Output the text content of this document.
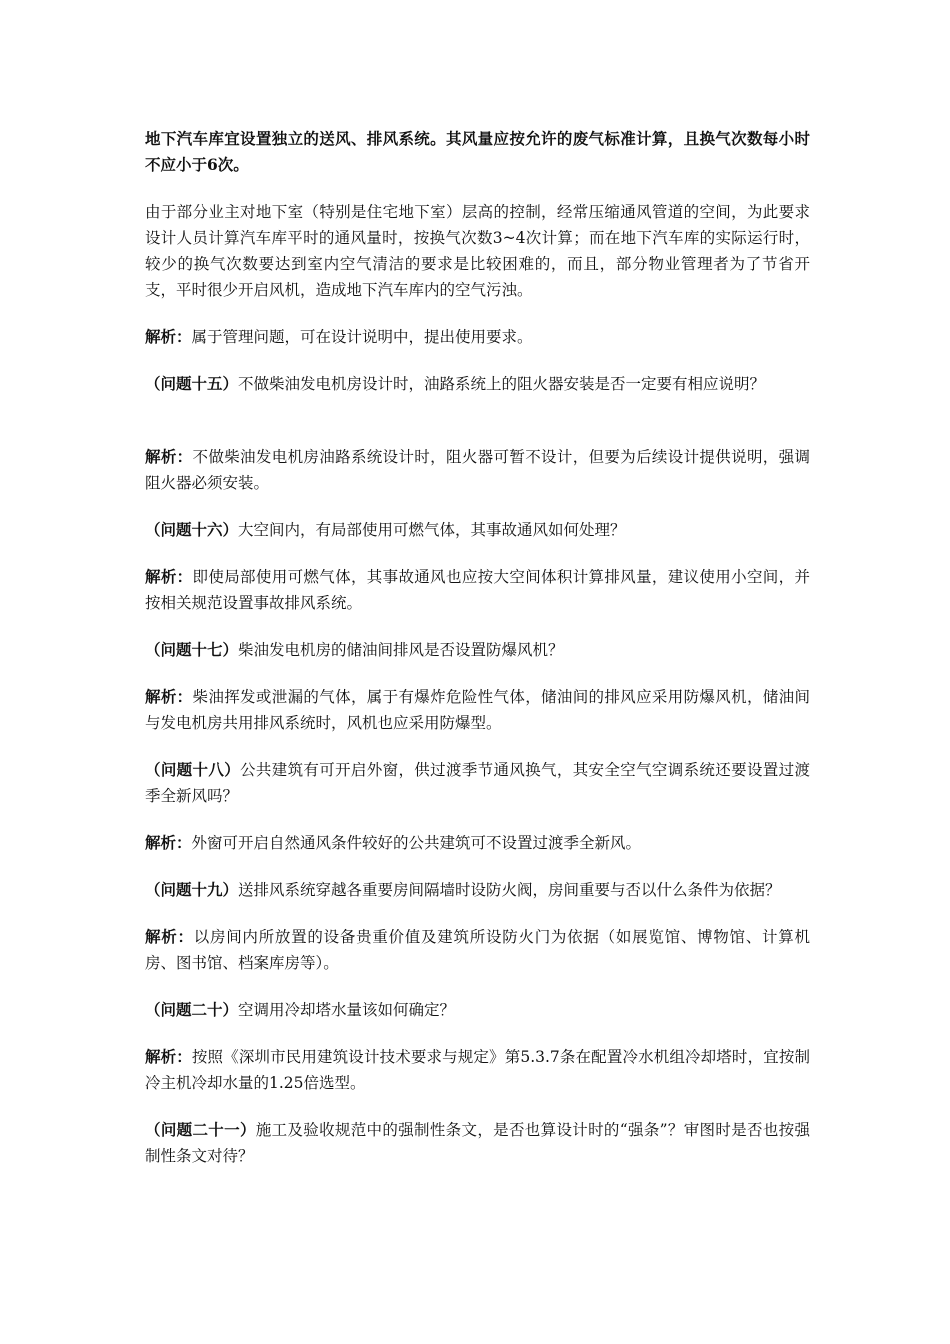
地下汽车库宜设置独立的送风、排风系统。其风量应按允许的废气标准计算，且换气次数每小时不应小于6次。

由于部分业主对地下室（特别是住宅地下室）层高的控制，经常压缩通风管道的空间，为此要求设计人员计算汽车库平时的通风量时，按换气次数3~4次计算；而在地下汽车库的实际运行时，较少的换气次数要达到室内空气清洁的要求是比较困难的，而且，部分物业管理者为了节省开支，平时很少开启风机，造成地下汽车库内的空气污浊。

解析：属于管理问题，可在设计说明中，提出使用要求。

（问题十五）不做柴油发电机房设计时，油路系统上的阻火器安装是否一定要有相应说明？

解析：不做柴油发电机房油路系统设计时，阻火器可暂不设计，但要为后续设计提供说明，强调阻火器必须安装。

（问题十六）大空间内，有局部使用可燃气体，其事故通风如何处理？

解析：即使局部使用可燃气体，其事故通风也应按大空间体积计算排风量，建议使用小空间，并按相关规范设置事故排风系统。

（问题十七）柴油发电机房的储油间排风是否设置防爆风机？

解析：柴油挥发或泄漏的气体，属于有爆炸危险性气体，储油间的排风应采用防爆风机，储油间与发电机房共用排风系统时，风机也应采用防爆型。

（问题十八）公共建筑有可开启外窗，供过渡季节通风换气，其安全空气空调系统还要设置过渡季全新风吗？

解析：外窗可开启自然通风条件较好的公共建筑可不设置过渡季全新风。

（问题十九）送排风系统穿越各重要房间隔墙时设防火阀，房间重要与否以什么条件为依据？

解析：以房间内所放置的设备贵重价值及建筑所设防火门为依据（如展览馆、博物馆、计算机房、图书馆、档案库房等）。

（问题二十）空调用冷却塔水量该如何确定？

解析：按照《深圳市民用建筑设计技术要求与规定》第5.3.7条在配置冷水机组冷却塔时，宜按制冷主机冷却水量的1.25倍选型。

（问题二十一）施工及验收规范中的强制性条文，是否也算设计时的“强条”？审图时是否也按强制性条文对待？
